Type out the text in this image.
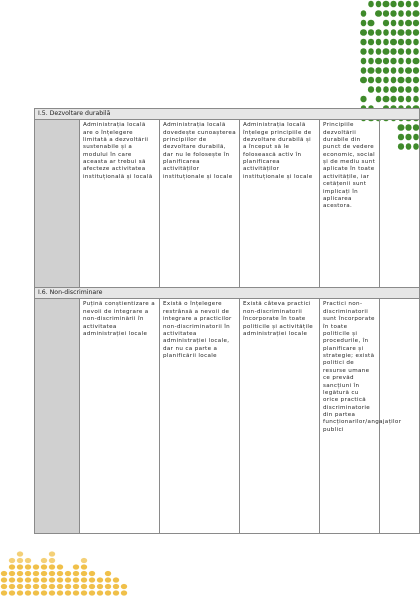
I.5. Dezvoltare durabilă					

	Administrația locală are o înțelegere limitată a dezvoltării sustenabile și a modului în care aceasta ar trebui să afecteze activitatea instituțională și locală	Administrația locală dovedește cunoașterea principiilor de dezvoltare durabilă, dar nu le folosește în planificarea activităților instituționale și locale	Administrația locală înțelege principiile de dezvoltare durabilă și a început să le folosească activ în planificarea activităților instituționale și locale	Principiile dezvoltării durabile din punct de vedere economic, social și de mediu sunt aplicate în toate activitățile, iar cetățenii sunt implicați în aplicarea acestora.	

I.6. Non-discriminare					

	Puțină conștientizare a nevoii de integrare a non-discriminării în activitatea administrației locale	Există o înțelegere restrânsă a nevoii de integrare a practicilor non-discriminatorii în activitatea administrației locale, dar nu ca parte a planificării locale	Există câteva practici non-discriminatorii încorporate în toate politicile și activitățile administrației locale	Practici non-discriminatorii sunt încorporate în toate politicile și procedurile, în planificare și strategie; există politici de resurse umane ce prevăd sancțiuni în legătură cu orice practică discriminatorie din partea funcționarilor/angajaților publici	
